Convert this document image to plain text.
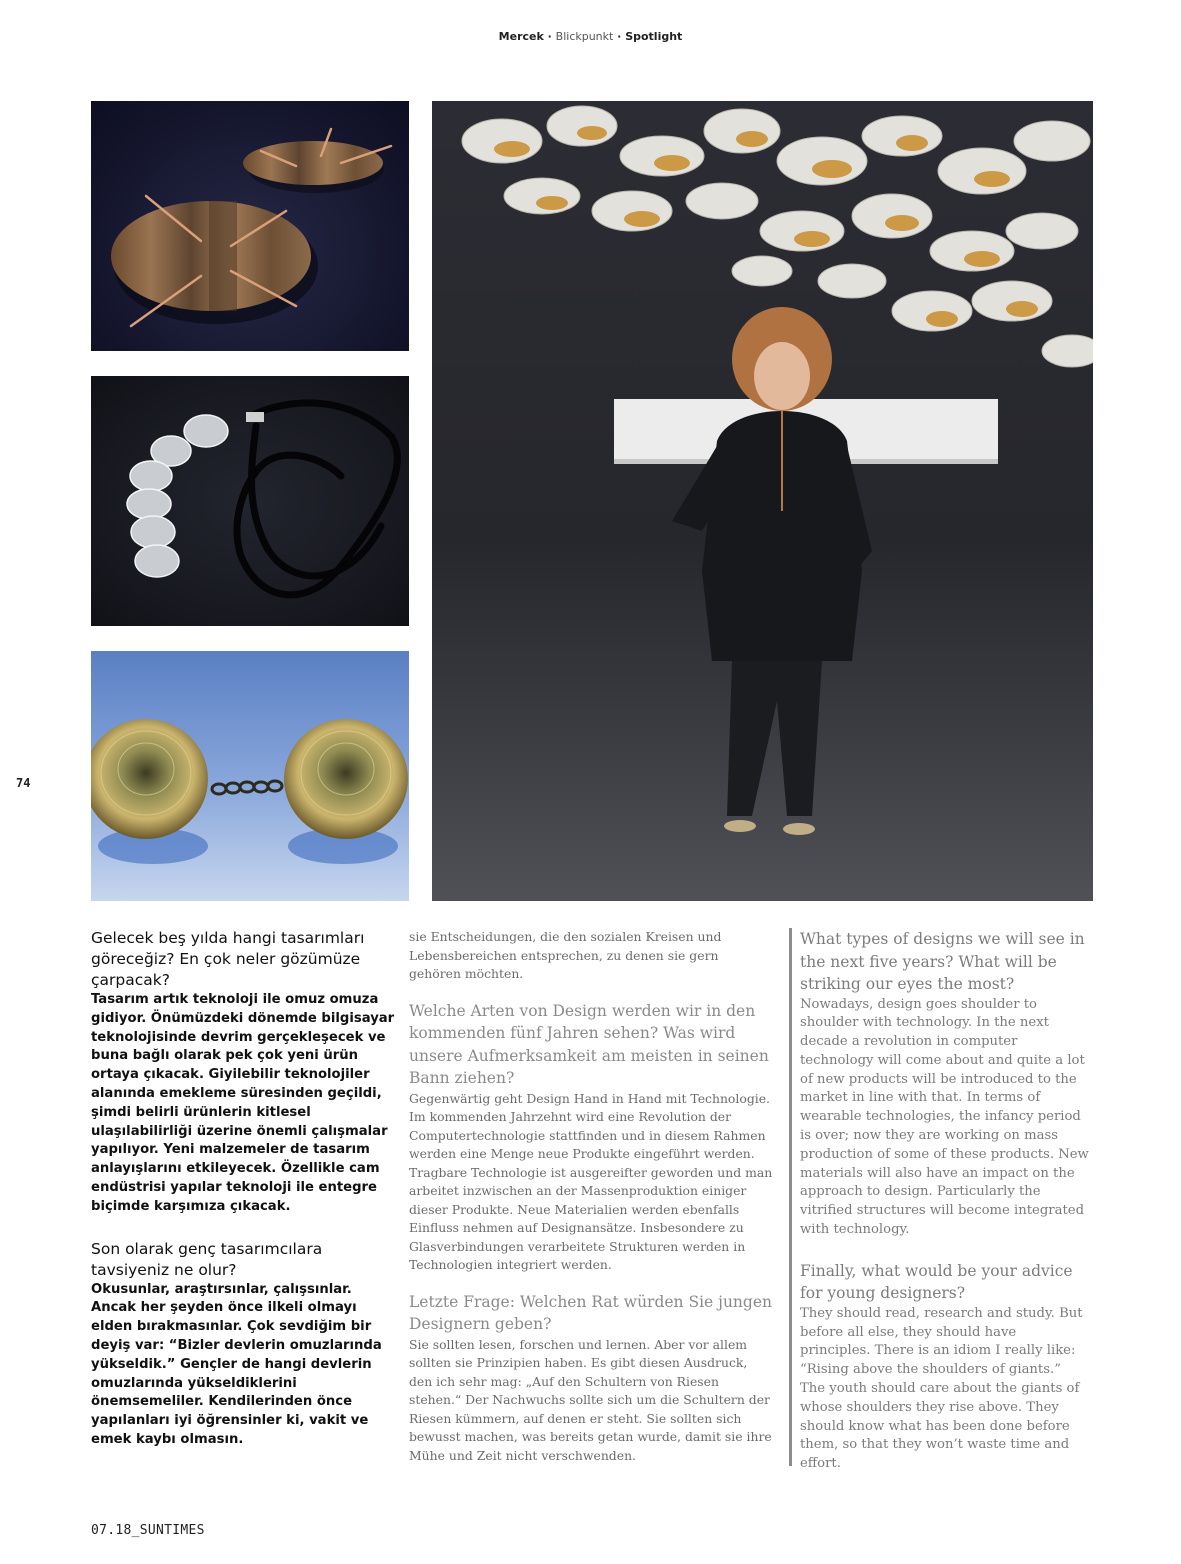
Mercek · Blickpunkt · Spotlight
74
Gelecek beş yılda hangi tasarımları göreceğiz? En çok neler gözümüze çarpacak?
Tasarım artık teknoloji ile omuz omuza gidiyor. Önümüzdeki dönemde bilgisayar teknolojisinde devrim gerçekleşecek ve buna bağlı olarak pek çok yeni ürün ortaya çıkacak. Giyilebilir teknolojiler alanında emekleme süresinden geçildi, şimdi belirli ürünlerin kitlesel ulaşılabilirliği üzerine önemli çalışmalar yapılıyor. Yeni malzemeler de tasarım anlayışlarını etkileyecek. Özellikle cam endüstrisi yapılar teknoloji ile entegre biçimde karşımıza çıkacak.
Son olarak genç tasarımcılara tavsiyeniz ne olur?
Okusunlar, araştırsınlar, çalışsınlar. Ancak her şeyden önce ilkeli olmayı elden bırakmasınlar. Çok sevdiğim bir deyiş var: “Bizler devlerin omuzlarında yükseldik.” Gençler de hangi devlerin omuzlarında yükseldiklerini önemsemeliler. Kendilerinden önce yapılanları iyi öğrensinler ki, vakit ve emek kaybı olmasın.
sie Entscheidungen, die den sozialen Kreisen und Lebensbereichen entsprechen, zu denen sie gern gehören möchten.
Welche Arten von Design werden wir in den kommenden fünf Jahren sehen? Was wird unsere Aufmerksamkeit am meisten in seinen Bann ziehen?
Gegenwärtig geht Design Hand in Hand mit Technologie. Im kommenden Jahrzehnt wird eine Revolution der Computertechnologie stattfinden und in diesem Rahmen werden eine Menge neue Produkte eingeführt werden. Tragbare Technologie ist ausgereifter geworden und man arbeitet inzwischen an der Massenproduktion einiger dieser Produkte. Neue Materialien werden ebenfalls Einfluss nehmen auf Designansätze. Insbesondere zu Glasverbindungen verarbeitete Strukturen werden in Technologien integriert werden.
Letzte Frage: Welchen Rat würden Sie jungen Designern geben?
Sie sollten lesen, forschen und lernen. Aber vor allem sollten sie Prinzipien haben. Es gibt diesen Ausdruck, den ich sehr mag: „Auf den Schultern von Riesen stehen.“ Der Nachwuchs sollte sich um die Schultern der Riesen kümmern, auf denen er steht. Sie sollten sich bewusst machen, was bereits getan wurde, damit sie ihre Mühe und Zeit nicht verschwenden.
What types of designs we will see in the next five years? What will be striking our eyes the most?
Nowadays, design goes shoulder to shoulder with technology. In the next decade a revolution in computer technology will come about and quite a lot of new products will be introduced to the market in line with that. In terms of wearable technologies, the infancy period is over; now they are working on mass production of some of these products. New materials will also have an impact on the approach to design. Particularly the vitrified structures will become integrated with technology.
Finally, what would be your advice for young designers?
They should read, research and study. But before all else, they should have principles. There is an idiom I really like: “Rising above the shoulders of giants.” The youth should care about the giants of whose shoulders they rise above. They should know what has been done before them, so that they won’t waste time and effort.
07.18_SUNTIMES
